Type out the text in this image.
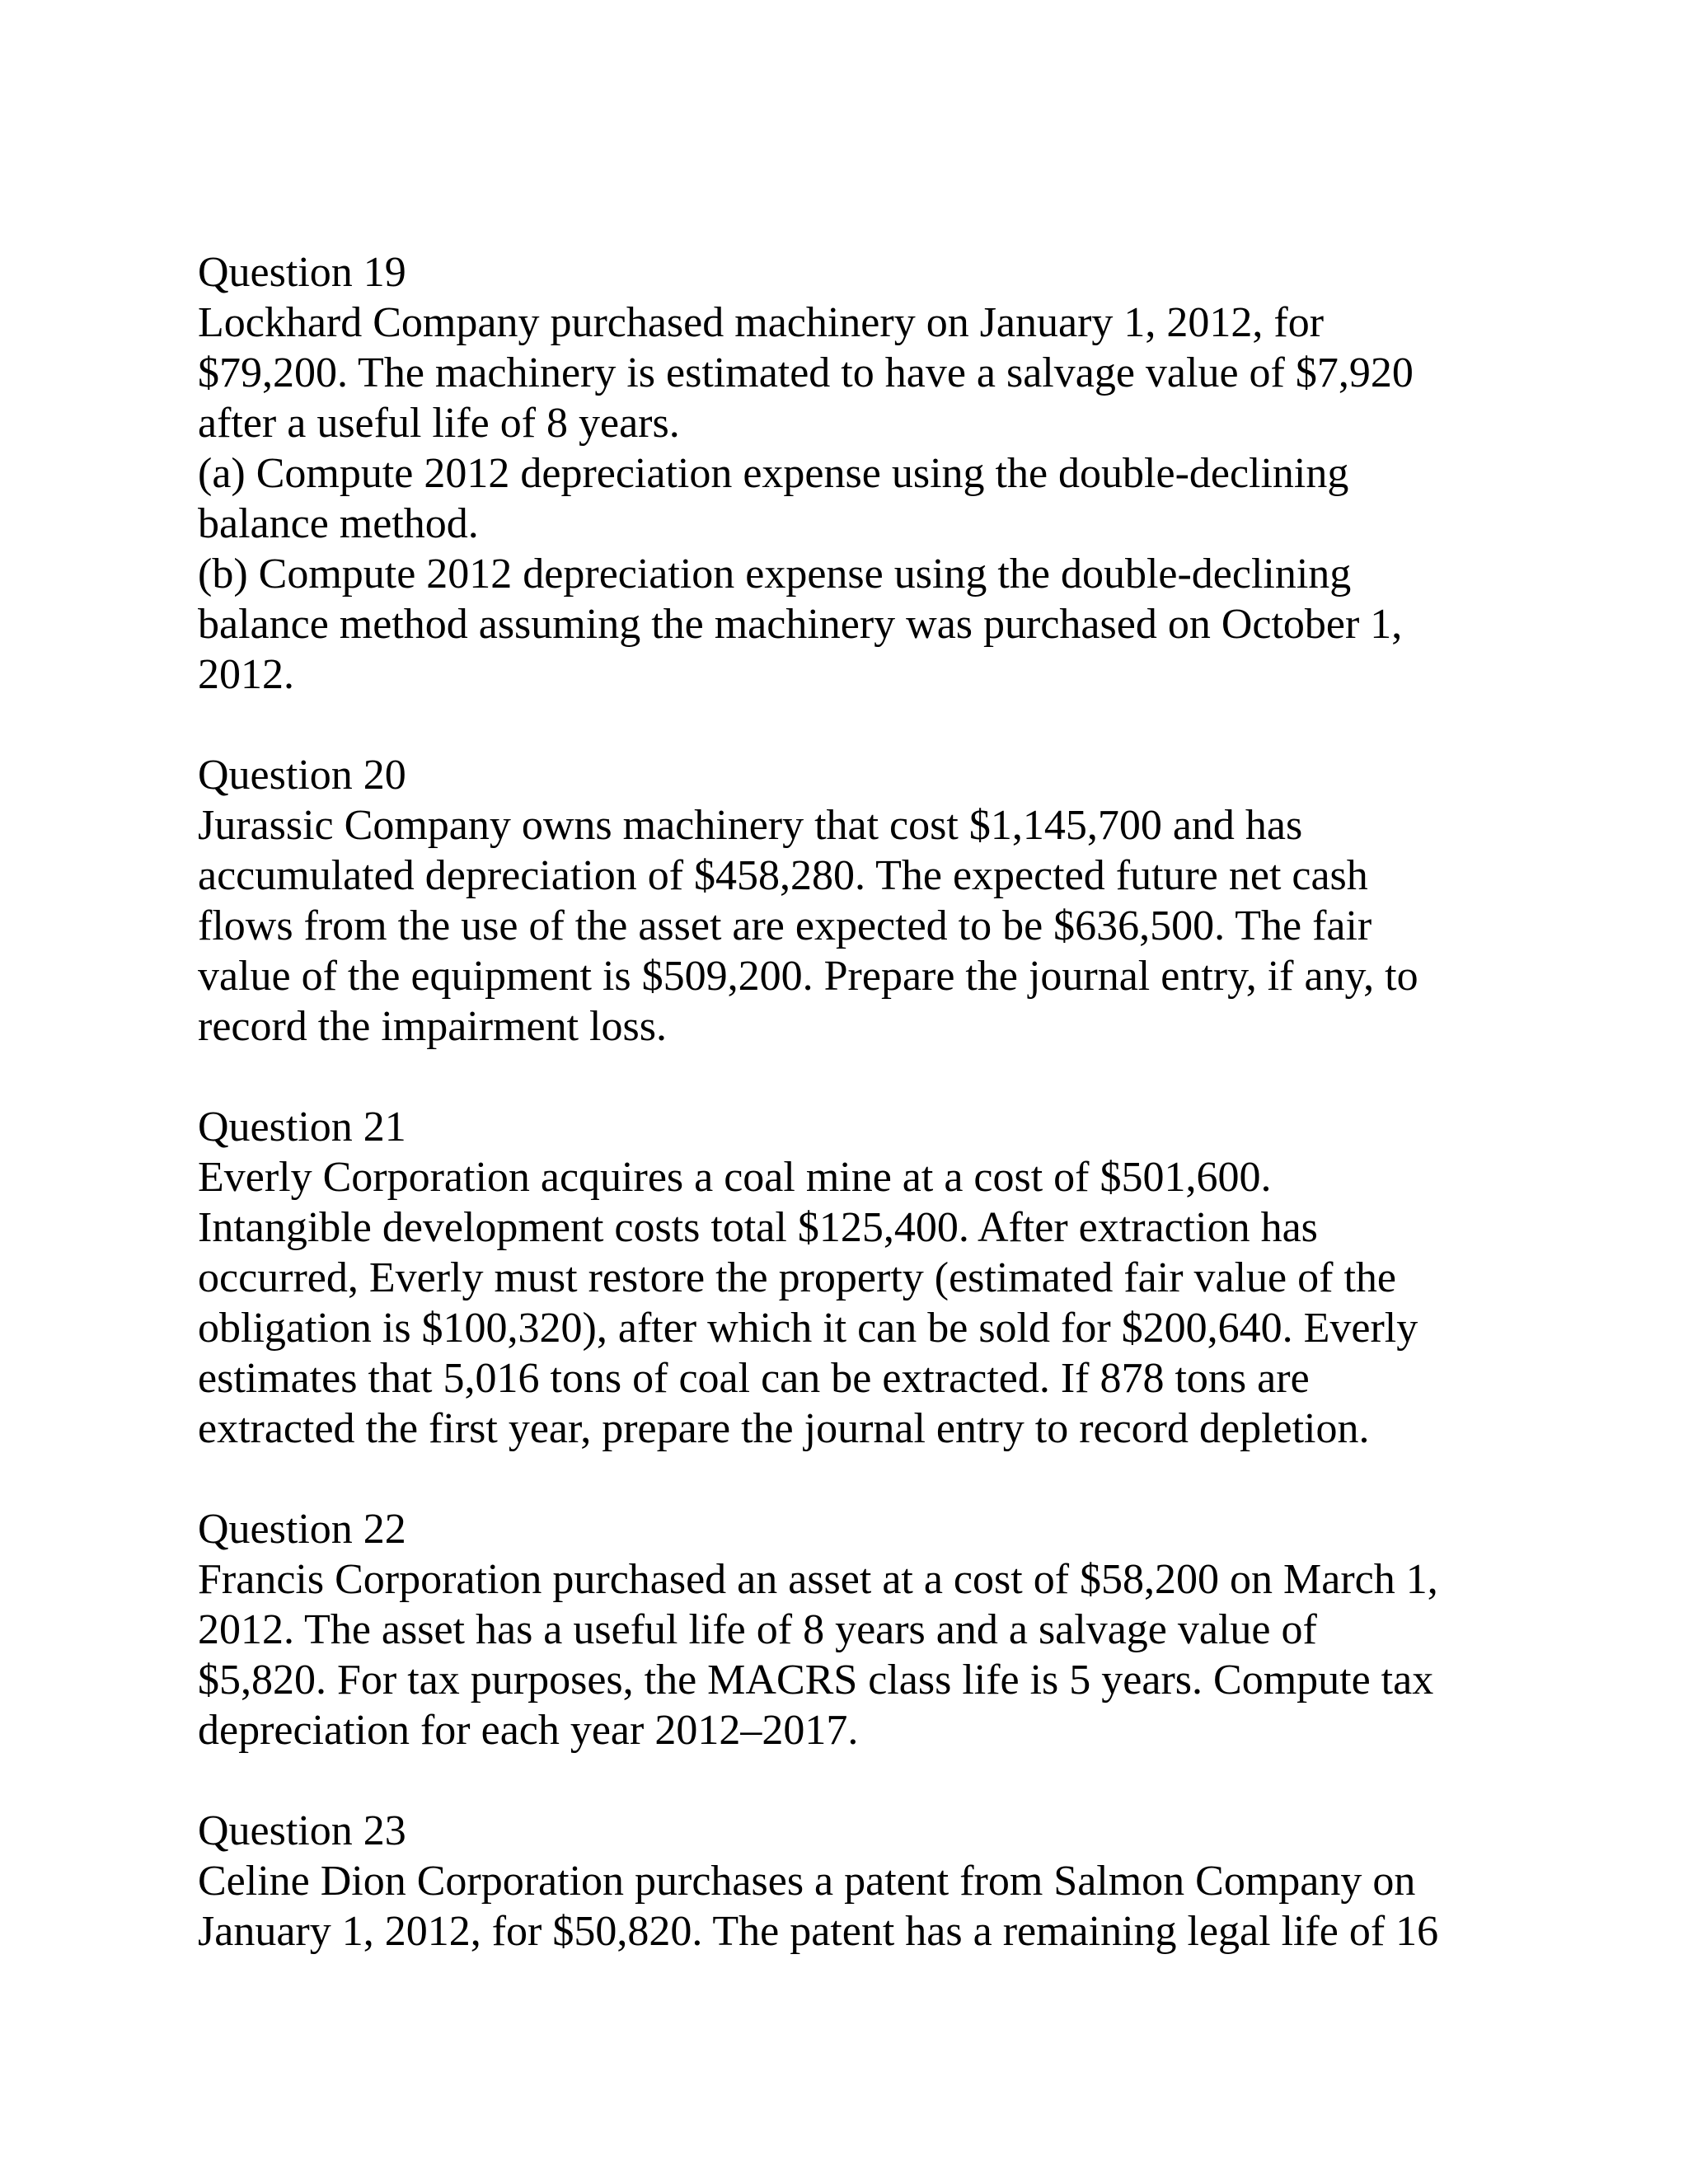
Question 19
Lockhard Company purchased machinery on January 1, 2012, for
$79,200. The machinery is estimated to have a salvage value of $7,920
after a useful life of 8 years.
(a) Compute 2012 depreciation expense using the double-declining
balance method.
(b) Compute 2012 depreciation expense using the double-declining
balance method assuming the machinery was purchased on October 1,
2012.
Question 20
Jurassic Company owns machinery that cost $1,145,700 and has
accumulated depreciation of $458,280. The expected future net cash
flows from the use of the asset are expected to be $636,500. The fair
value of the equipment is $509,200. Prepare the journal entry, if any, to
record the impairment loss.
Question 21
Everly Corporation acquires a coal mine at a cost of $501,600.
Intangible development costs total $125,400. After extraction has
occurred, Everly must restore the property (estimated fair value of the
obligation is $100,320), after which it can be sold for $200,640. Everly
estimates that 5,016 tons of coal can be extracted. If 878 tons are
extracted the first year, prepare the journal entry to record depletion.
Question 22
Francis Corporation purchased an asset at a cost of $58,200 on March 1,
2012. The asset has a useful life of 8 years and a salvage value of
$5,820. For tax purposes, the MACRS class life is 5 years. Compute tax
depreciation for each year 2012–2017.
Question 23
Celine Dion Corporation purchases a patent from Salmon Company on
January 1, 2012, for $50,820. The patent has a remaining legal life of 16
